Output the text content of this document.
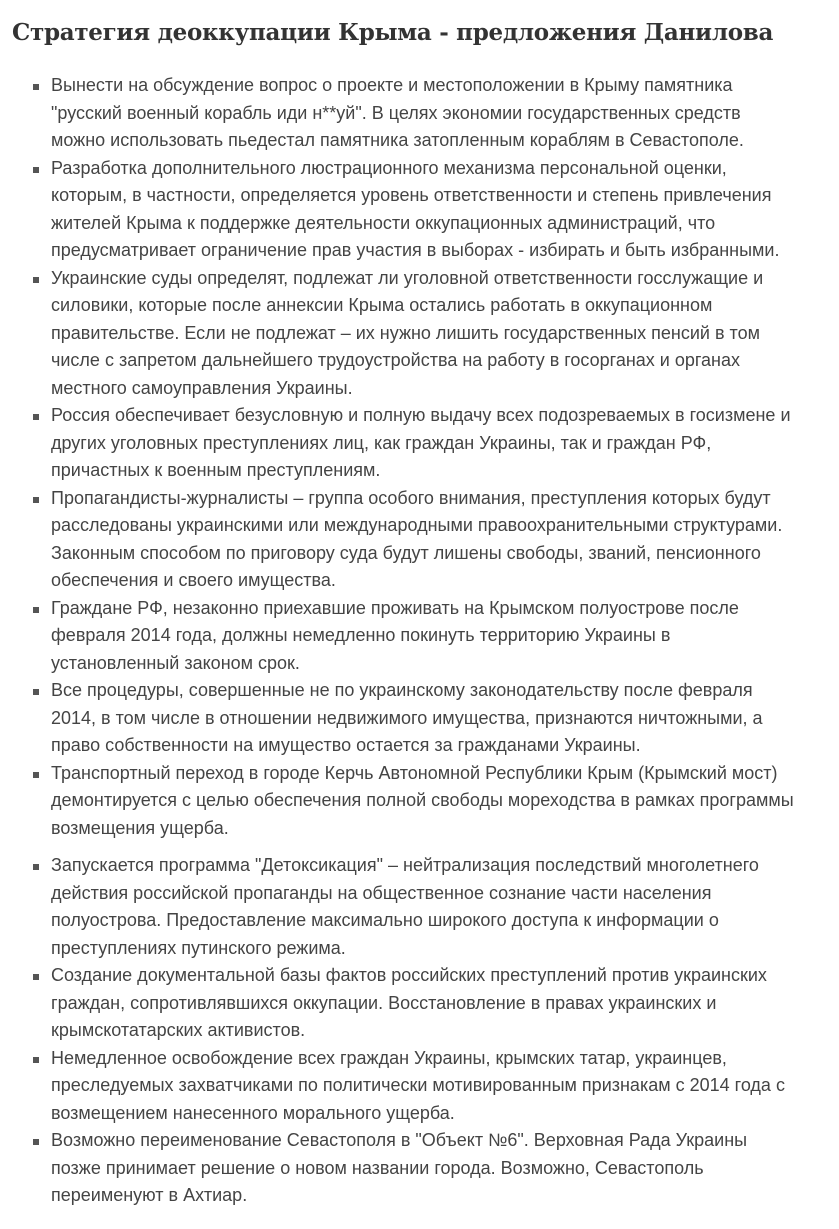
Стратегия деоккупации Крыма - предложения Данилова
Вынести на обсуждение вопрос о проекте и местоположении в Крыму памятника
"русский военный корабль иди н**уй". В целях экономии государственных средств
можно использовать пьедестал памятника затопленным кораблям в Севастополе.
Разработка дополнительного люстрационного механизма персональной оценки,
которым, в частности, определяется уровень ответственности и степень привлечения
жителей Крыма к поддержке деятельности оккупационных администраций, что
предусматривает ограничение прав участия в выборах - избирать и быть избранными.
Украинские суды определят, подлежат ли уголовной ответственности госслужащие и
силовики, которые после аннексии Крыма остались работать в оккупационном
правительстве. Если не подлежат – их нужно лишить государственных пенсий в том
числе с запретом дальнейшего трудоустройства на работу в госорганах и органах
местного самоуправления Украины.
Россия обеспечивает безусловную и полную выдачу всех подозреваемых в госизмене и
других уголовных преступлениях лиц, как граждан Украины, так и граждан РФ,
причастных к военным преступлениям.
Пропагандисты-журналисты – группа особого внимания, преступления которых будут
расследованы украинскими или международными правоохранительными структурами.
Законным способом по приговору суда будут лишены свободы, званий, пенсионного
обеспечения и своего имущества.
Граждане РФ, незаконно приехавшие проживать на Крымском полуострове после
февраля 2014 года, должны немедленно покинуть территорию Украины в
установленный законом срок.
Все процедуры, совершенные не по украинскому законодательству после февраля
2014, в том числе в отношении недвижимого имущества, признаются ничтожными, а
право собственности на имущество остается за гражданами Украины.
Транспортный переход в городе Керчь Автономной Республики Крым (Крымский мост)
демонтируется с целью обеспечения полной свободы мореходства в рамках программы
возмещения ущерба.
Запускается программа "Детоксикация" – нейтрализация последствий многолетнего
действия российской пропаганды на общественное сознание части населения
полуострова. Предоставление максимально широкого доступа к информации о
преступлениях путинского режима.
Создание документальной базы фактов российских преступлений против украинских
граждан, сопротивлявшихся оккупации. Восстановление в правах украинских и
крымскотатарских активистов.
Немедленное освобождение всех граждан Украины, крымских татар, украинцев,
преследуемых захватчиками по политически мотивированным признакам с 2014 года с
возмещением нанесенного морального ущерба.
Возможно переименование Севастополя в "Объект №6". Верховная Рада Украины
позже принимает решение о новом названии города. Возможно, Севастополь
переименуют в Ахтиар.
